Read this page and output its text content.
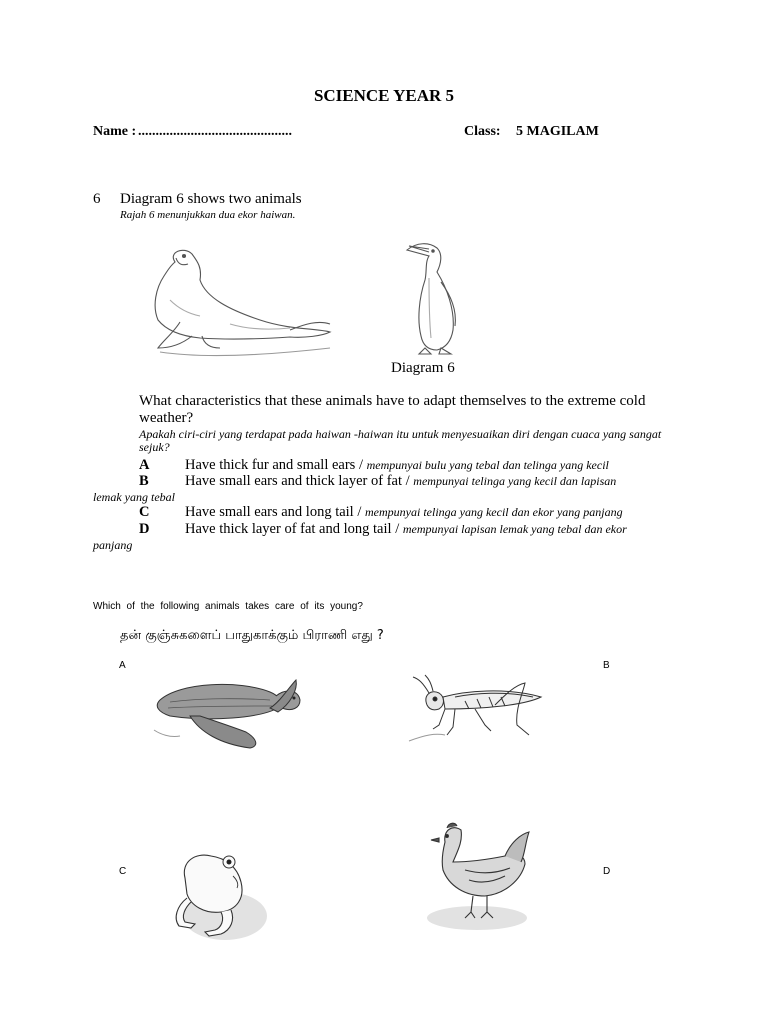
SCIENCE YEAR 5
Name : ............................................	Class: 5 MAGILAM
6 Diagram 6 shows two animals
Rajah 6 menunjukkan dua ekor haiwan.
Diagram 6
What characteristics that these animals have to adapt themselves to the extreme cold weather?
Apakah ciri-ciri yang terdapat pada haiwan -haiwan itu untuk menyesuaikan diri dengan cuaca yang sangat sejuk?
A Have thick fur and small ears / mempunyai bulu yang tebal dan telinga yang kecil
B	Have small ears and thick layer of fat / mempunyai telinga yang kecil dan lapisan
lemak yang tebal
C Have small ears and long tail / mempunyai telinga yang kecil dan ekor yang panjang
D Have thick layer of fat and long tail / mempunyai lapisan lemak yang tebal dan ekor
panjang
Which of the following animals takes care of its young?
தன் குஞ்சுகளைப் பாதுகாக்கும் பிராணி எது ?
A	B
C	D
